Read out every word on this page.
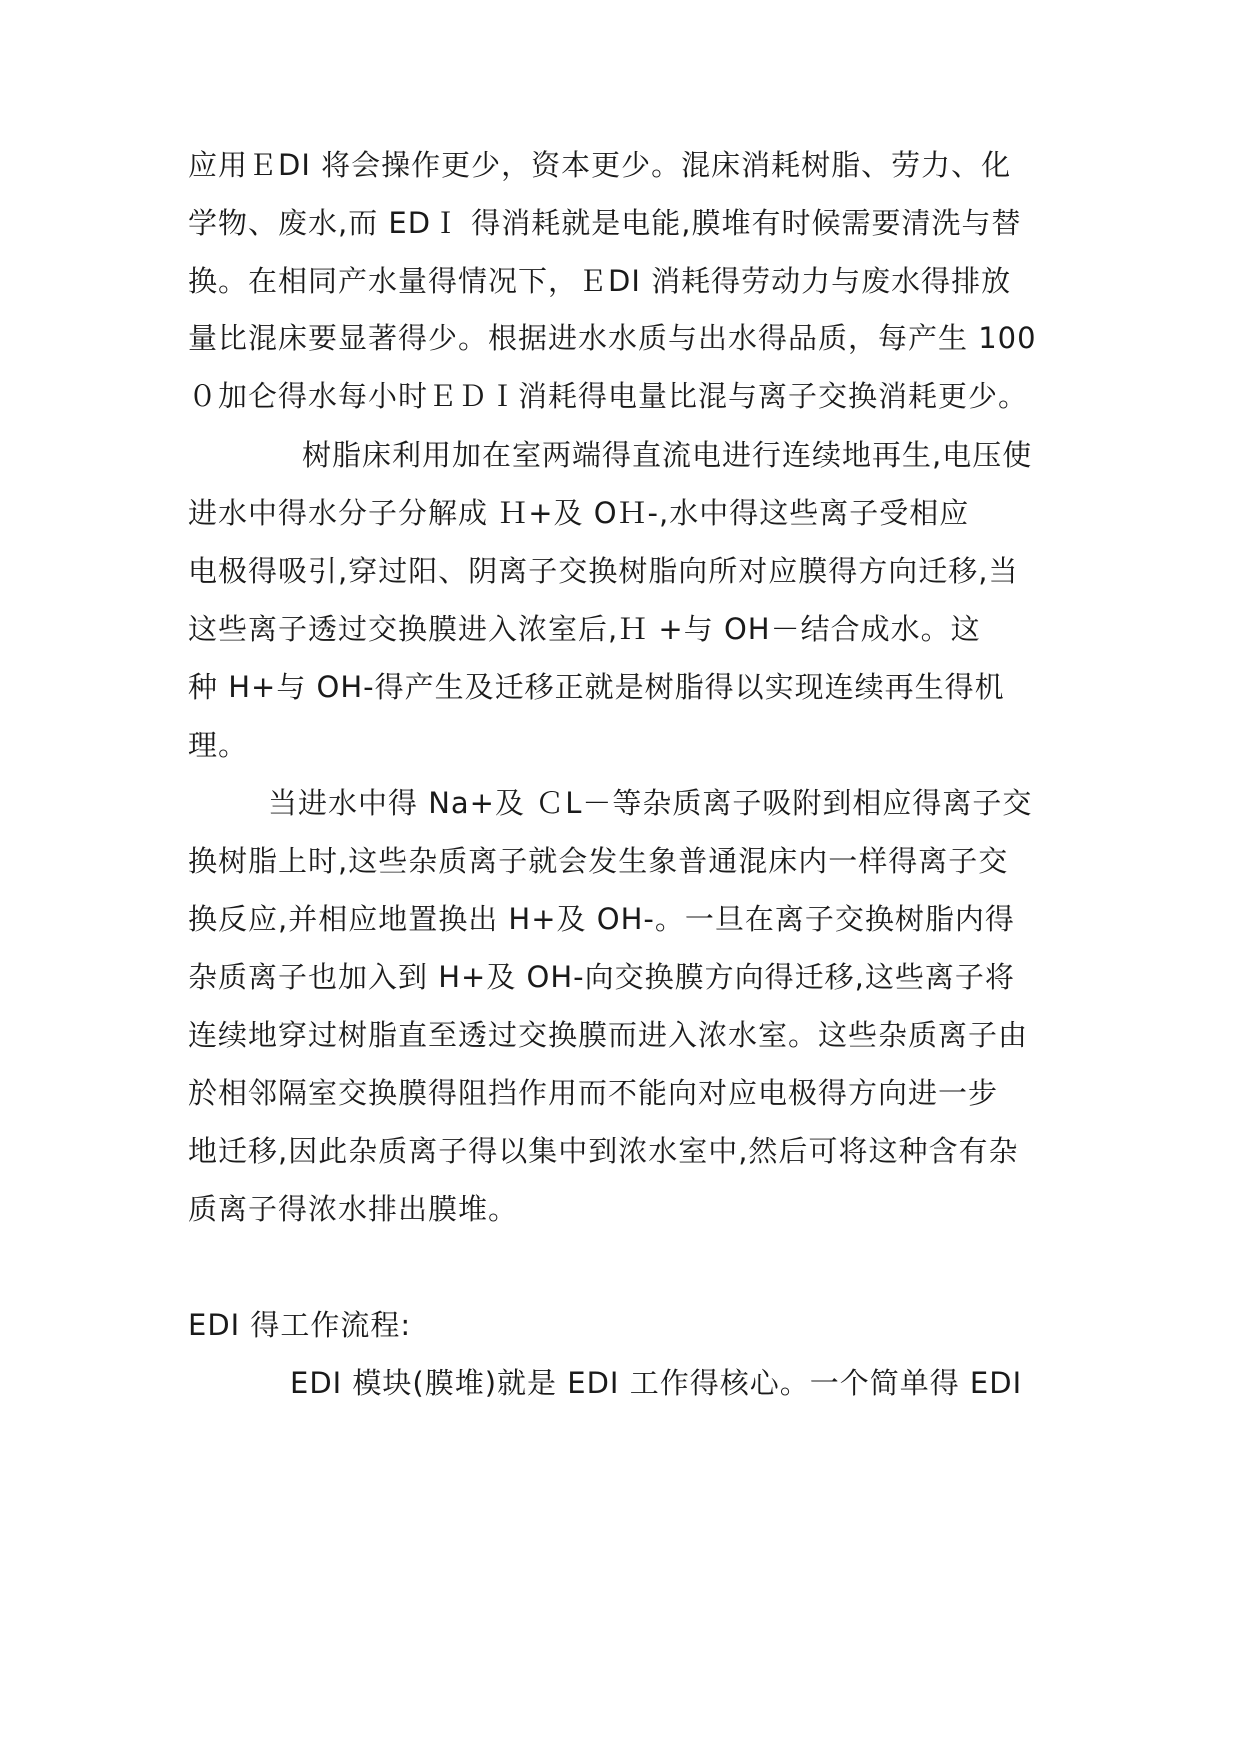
应用ＥDI 将会操作更少，资本更少。混床消耗树脂、劳力、化
学物、废水,而 EDＩ 得消耗就是电能,膜堆有时候需要清洗与替
换。在相同产水量得情况下，ＥDI 消耗得劳动力与废水得排放
量比混床要显著得少。根据进水水质与出水得品质，每产生 100
０加仑得水每小时ＥＤＩ消耗得电量比混与离子交换消耗更少。
树脂床利用加在室两端得直流电进行连续地再生,电压使
进水中得水分子分解成 Ｈ+及 OＨ-,水中得这些离子受相应
电极得吸引,穿过阳、阴离子交换树脂向所对应膜得方向迁移,当
这些离子透过交换膜进入浓室后,Ｈ +与 OH－结合成水。这
种 H+与 OH-得产生及迁移正就是树脂得以实现连续再生得机
理。
当进水中得 Na+及 ＣL－等杂质离子吸附到相应得离子交
换树脂上时,这些杂质离子就会发生象普通混床内一样得离子交
换反应,并相应地置换出 H+及 OH-。一旦在离子交换树脂内得
杂质离子也加入到 H+及 OH-向交换膜方向得迁移,这些离子将
连续地穿过树脂直至透过交换膜而进入浓水室。这些杂质离子由
於相邻隔室交换膜得阻挡作用而不能向对应电极得方向进一步
地迁移,因此杂质离子得以集中到浓水室中,然后可将这种含有杂
质离子得浓水排出膜堆。
EDI 得工作流程:
EDI 模块(膜堆)就是 EDI 工作得核心。一个简单得 EDI
